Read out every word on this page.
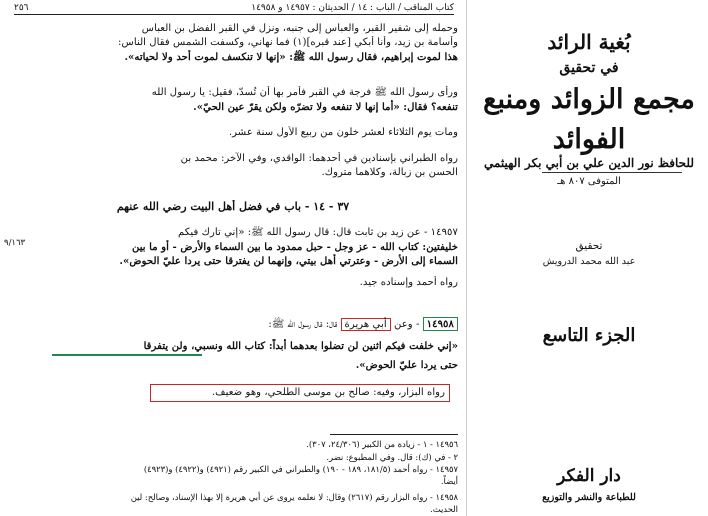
كتاب المناقب / الباب : ١٤ / الحديثان : ١٤٩٥٧ و ١٤٩٥٨
٢٥٦
وحمله إلى شفير القبر، والعباس إلى جنبه، ونزل في القبر الفضل بن العباس
وأسامة بن زيد، وأنا أبكي [عند قبره](١) فما نهاني، وكسفت الشمس فقال الناس:
هذا لموت إبراهيم، فقال رسول الله ﷺ: «إنها لا تنكسف لموت أحد ولا لحياته».
ورأى رسول الله ﷺ فرجة في القبر فأمر بها أن تُسدّ، فقيل: يا رسول الله
تنفعه؟ فقال: «أما إنها لا تنفعه ولا تضرّه ولكن يقرّ عين الحيّ».
ومات يوم الثلاثاء لعشر خلون من ربيع الأول سنة عشر.
رواه الطبراني بإسنادين في أحدهما: الواقدي، وفي الآخر: محمد بن
الحسن بن زبالة، وكلاهما متروك.
٣٧ - ١٤ - باب في فضل أهل البيت رضي الله عنهم
١٤٩٥٧ - عن زيد بن ثابت قال: قال رسول الله ﷺ: «إني تارك فيكم
خليفتين: كتاب الله - عز وجل - حبل ممدود ما بين السماء والأرض - أو ما بين
السماء إلى الأرض - وعترتي أهل بيتي، وإنهما لن يفترقا حتى يردا عليّ الحوض».
رواه أحمد وإسناده جيد.
٩/١٦٣
١٤٩٥٨ - وعن أبي هريرة قال: قال رسول الله ﷺ:
«إني خلفت فيكم اثنين لن تضلوا بعدهما أبداً: كتاب الله ونسبي، ولن يتفرقا
حتى يردا عليّ الحوض».
رواه البزار، وفيه: صالح بن موسى الطلحي، وهو ضعيف.
١٤٩٥٦ - ١ - زيادة من الكبير (٢٤/٣٠٦، ٣٠٧).
٢ - في (ك): قال. وفي المطبوع: نضر.
١٤٩٥٧ - رواه أحمد (١٨١/٥، ١٨٩ - ١٩٠) والطبراني في الكبير رقم (٤٩٢١) و(٤٩٢٢) و(٤٩٢٣)
أيضاً.
١٤٩٥٨ - رواه البزار رقم (٢٦١٧) وقال: لا نعلمه يروى عن أبي هريرة إلا بهذا الإسناد، وصالح: لين
الحديث.
بُغية الرائد
في تحقيق
مجمع الزوائد ومنبع الفوائد
للحافظ نور الدين علي بن أبي بكر الهيثمي
المتوفى ٨٠٧ هـ
تحقيق
عبد الله محمد الدرويش
الجزء التاسع
دار الفكر
للطباعة والنشر والتوزيع
